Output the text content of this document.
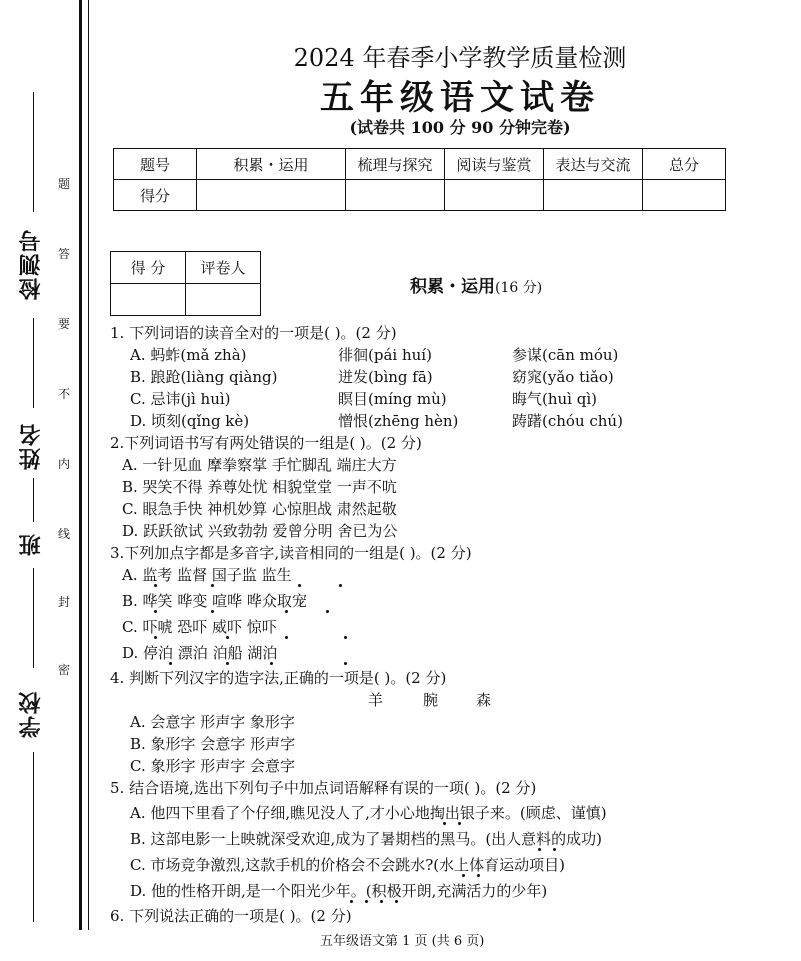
题
答
要
不
内
线
封
密
检测号
姓名
班
学校
2024 年春季小学教学质量检测
五年级语文试卷
(试卷共 100 分 90 分钟完卷)
题号	积累・运用	梳理与探究	阅读与鉴赏	表达与交流	总分
得分					
得 分	评卷人

积累・运用(16 分)
1. 下列词语的读音全对的一项是( )。(2 分)
A. 蚂蚱(mǎ zhà)	徘徊(pái huí)	参谋(cān móu)
B. 踉跄(liàng qiàng)	迸发(bìng fā)	窈窕(yǎo tiǎo)
C. 忌讳(jì huì)	瞑目(míng mù)	晦气(huì qì)
D. 顷刻(qǐng kè)	憎恨(zhēng hèn)	踌躇(chóu chú)
2.下列词语书写有两处错误的一组是( )。(2 分)
A. 一针见血 摩拳察掌 手忙脚乱 端庄大方
B. 哭笑不得 养尊处忧 相貌堂堂 一声不吭
C. 眼急手快 神机妙算 心惊胆战 肃然起敬
D. 跃跃欲试 兴致勃勃 爱曾分明 舍已为公
3.下列加点字都是多音字,读音相同的一组是( )。(2 分)
A. 监考 监督 国子监 监生
B. 哗笑 哗变 喧哗 哗众取宠
C. 吓唬 恐吓 威吓 惊吓
D. 停泊 漂泊 泊船 湖泊
4. 判断下列汉字的造字法,正确的一项是( )。(2 分)
羊	腕	森
A. 会意字 形声字 象形字
B. 象形字 会意字 形声字
C. 象形字 形声字 会意字
5. 结合语境,选出下列句子中加点词语解释有误的一项( )。(2 分)
A. 他四下里看了个仔细,瞧见没人了,才小心地掏出银子来。(顾虑、谨慎)
B. 这部电影一上映就深受欢迎,成为了暑期档的黑马。(出人意料的成功)
C. 市场竞争激烈,这款手机的价格会不会跳水?(水上体育运动项目)
D. 他的性格开朗,是一个阳光少年。(积极开朗,充满活力的少年)
6. 下列说法正确的一项是( )。(2 分)
五年级语文第 1 页 (共 6 页)
